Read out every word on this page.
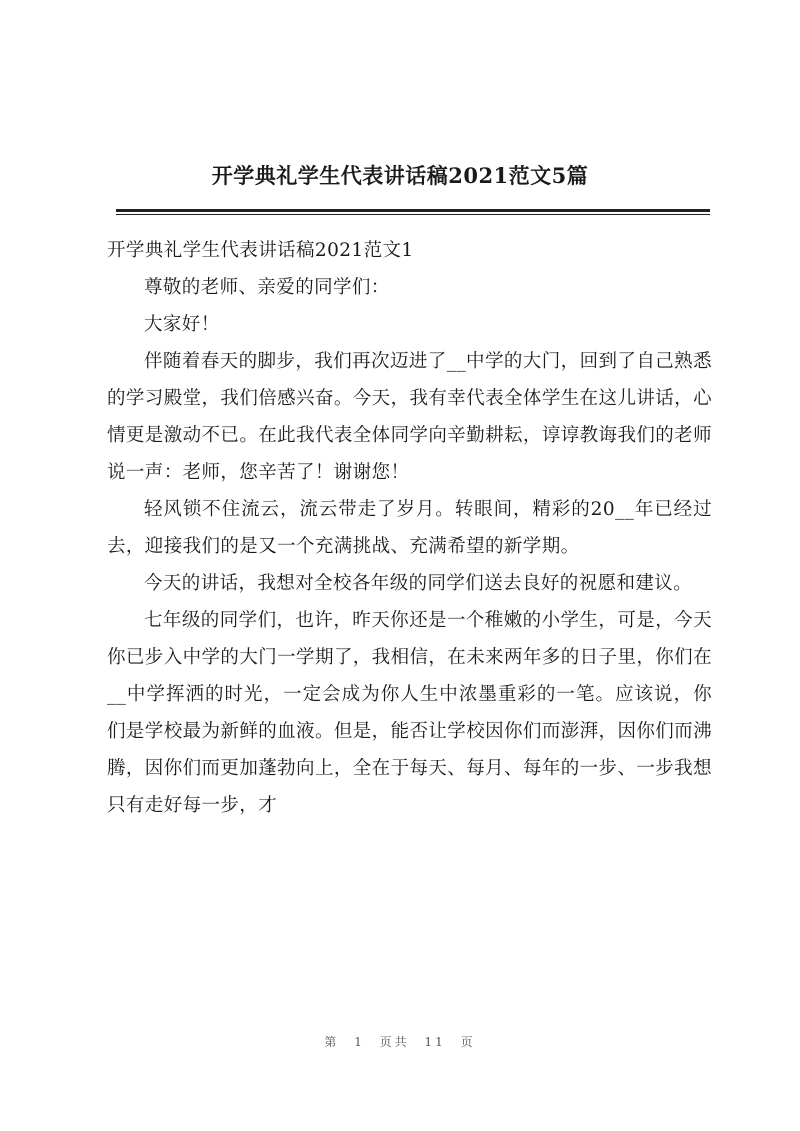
开学典礼学生代表讲话稿2021范文5篇

开学典礼学生代表讲话稿2021范文1

尊敬的老师、亲爱的同学们：

大家好！

伴随着春天的脚步，我们再次迈进了__中学的大门，回到了自己熟悉的学习殿堂，我们倍感兴奋。今天，我有幸代表全体学生在这儿讲话，心情更是激动不已。在此我代表全体同学向辛勤耕耘，谆谆教诲我们的老师说一声：老师，您辛苦了！谢谢您！

轻风锁不住流云，流云带走了岁月。转眼间，精彩的20__年已经过去，迎接我们的是又一个充满挑战、充满希望的新学期。

今天的讲话，我想对全校各年级的同学们送去良好的祝愿和建议。

七年级的同学们，也许，昨天你还是一个稚嫩的小学生，可是，今天你已步入中学的大门一学期了，我相信，在未来两年多的日子里，你们在__中学挥洒的时光，一定会成为你人生中浓墨重彩的一笔。应该说，你们是学校最为新鲜的血液。但是，能否让学校因你们而澎湃，因你们而沸腾，因你们而更加蓬勃向上，全在于每天、每月、每年的一步、一步我想只有走好每一步，才

第 1 页共 11 页
